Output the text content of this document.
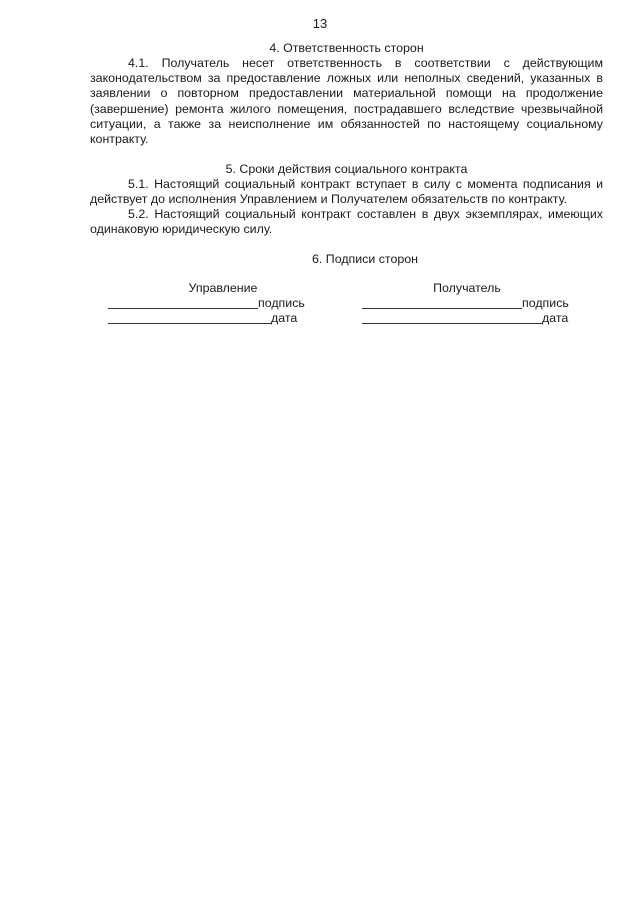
13
4. Ответственность сторон
4.1. Получатель несет ответственность в соответствии с действующим законодательством за предоставление ложных или неполных сведений, указанных в заявлении о повторном предоставлении материальной помощи на продолжение (завершение) ремонта жилого помещения, пострадавшего вследствие чрезвычайной ситуации, а также за неисполнение им обязанностей по настоящему социальному контракту.
5. Сроки действия социального контракта
5.1. Настоящий социальный контракт вступает в силу с момента подписания и действует до исполнения Управлением и Получателем обязательств по контракту.
5.2. Настоящий социальный контракт составлен в двух экземплярах, имеющих одинаковую юридическую силу.
6. Подписи сторон
Управление
подпись
дата
Получатель
подпись
дата
